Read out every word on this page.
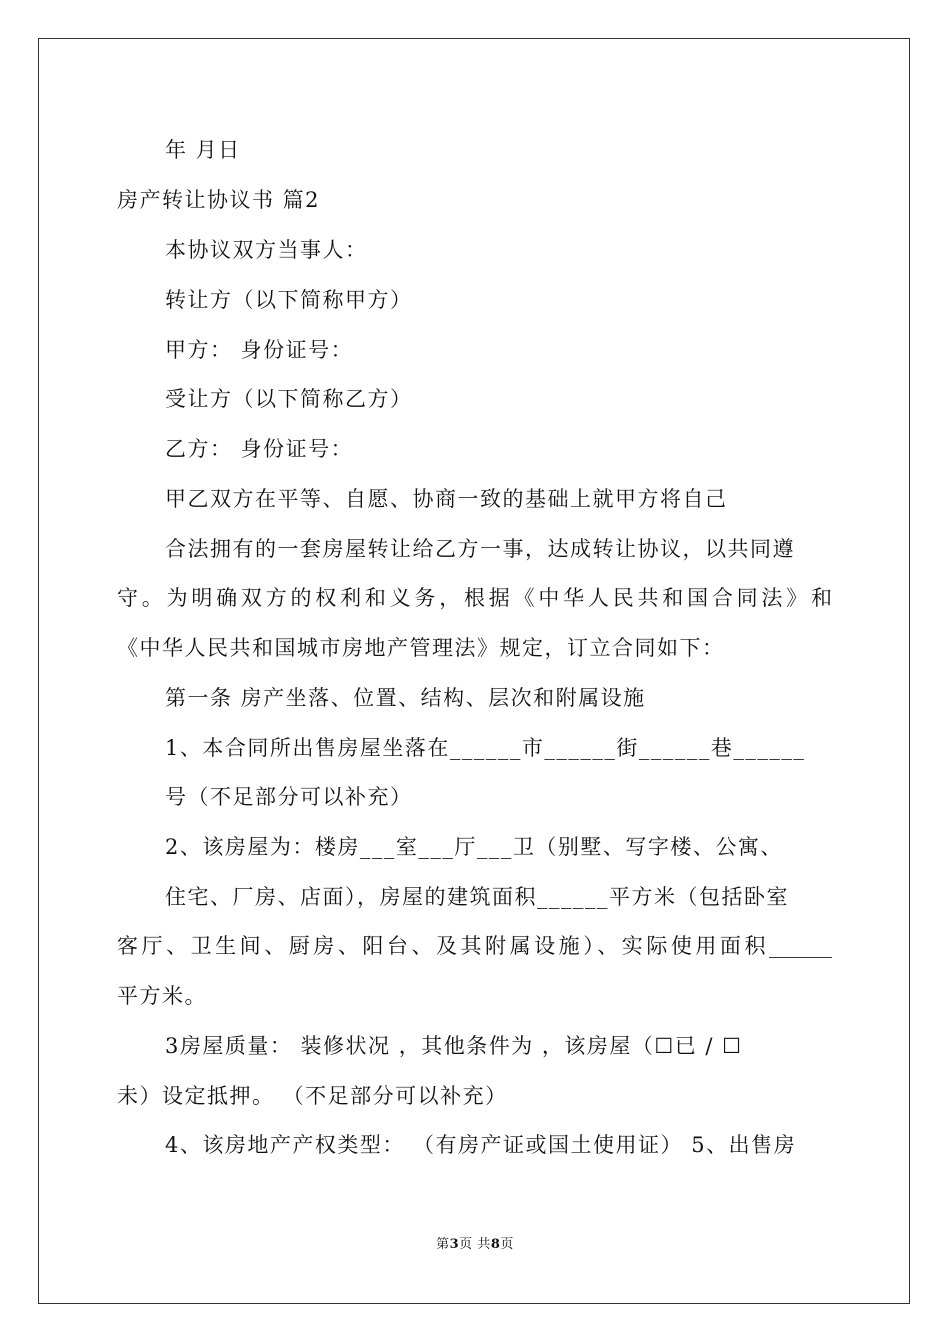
年 月日
房产转让协议书 篇2
本协议双方当事人：
转让方（以下简称甲方）
甲方： 身份证号：
受让方（以下简称乙方）
乙方： 身份证号：
甲乙双方在平等、自愿、协商一致的基础上就甲方将自己
合法拥有的一套房屋转让给乙方一事，达成转让协议，以共同遵
守。为明确双方的权利和义务，根据《中华人民共和国合同法》和
《中华人民共和国城市房地产管理法》规定，订立合同如下：
第一条 房产坐落、位置、结构、层次和附属设施
1、本合同所出售房屋坐落在______市______街______巷______
号（不足部分可以补充）
2、该房屋为：楼房___室___厅___卫（别墅、写字楼、公寓、
住宅、厂房、店面），房屋的建筑面积______平方米（包括卧室
客厅、卫生间、厨房、阳台、及其附属设施）、实际使用面积______
平方米。
3房屋质量： 装修状况 ，其他条件为 ，该房屋（☐已 / ☐
未）设定抵押。 （不足部分可以补充）
4、该房地产产权类型： （有房产证或国土使用证） 5、出售房
第3页 共8页
